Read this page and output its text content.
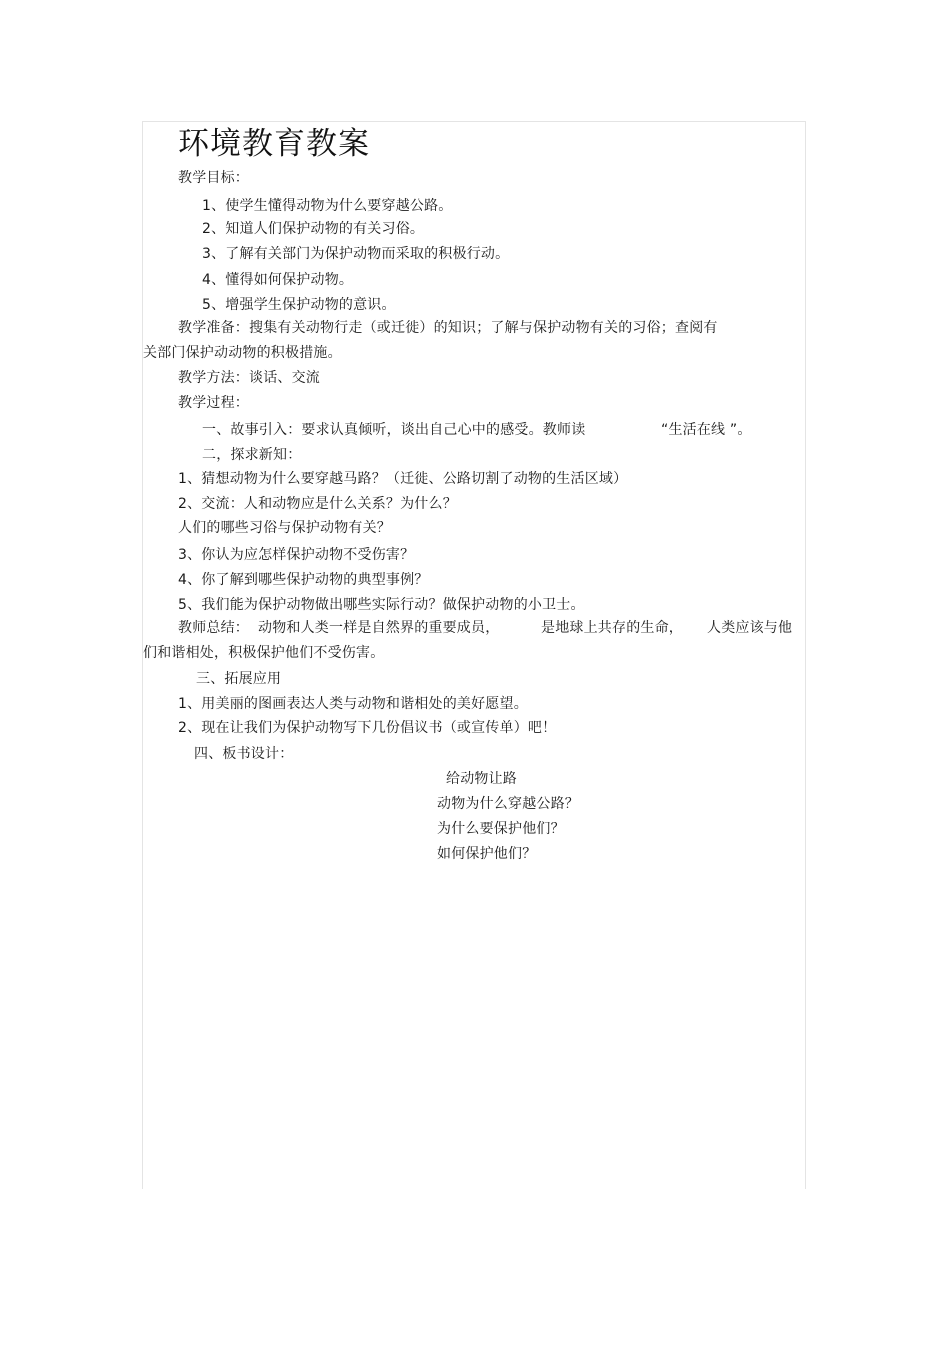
环境教育教案
教学目标：
1、使学生懂得动物为什么要穿越公路。
2、知道人们保护动物的有关习俗。
3、了解有关部门为保护动物而采取的积极行动。
4、懂得如何保护动物。
5、增强学生保护动物的意识。
教学准备：搜集有关动物行走（或迁徙）的知识；了解与保护动物有关的习俗；查阅有
关部门保护动动物的积极措施。
教学方法：谈话、交流
教学过程：
一、故事引入：要求认真倾听，谈出自己心中的感受。教师读	“生活在线 ”。
二，探求新知：
1、猜想动物为什么要穿越马路？（迁徙、公路切割了动物的生活区域）
2、交流：人和动物应是什么关系？为什么？
人们的哪些习俗与保护动物有关？
3、你认为应怎样保护动物不受伤害？
4、你了解到哪些保护动物的典型事例？
5、我们能为保护动物做出哪些实际行动？做保护动物的小卫士。
教师总结： 动物和人类一样是自然界的重要成员，	是地球上共存的生命， 人类应该与他
们和谐相处，积极保护他们不受伤害。
三、拓展应用
1、用美丽的图画表达人类与动物和谐相处的美好愿望。
2、现在让我们为保护动物写下几份倡议书（或宣传单）吧！
四、板书设计：
给动物让路
动物为什么穿越公路？
为什么要保护他们？
如何保护他们？
